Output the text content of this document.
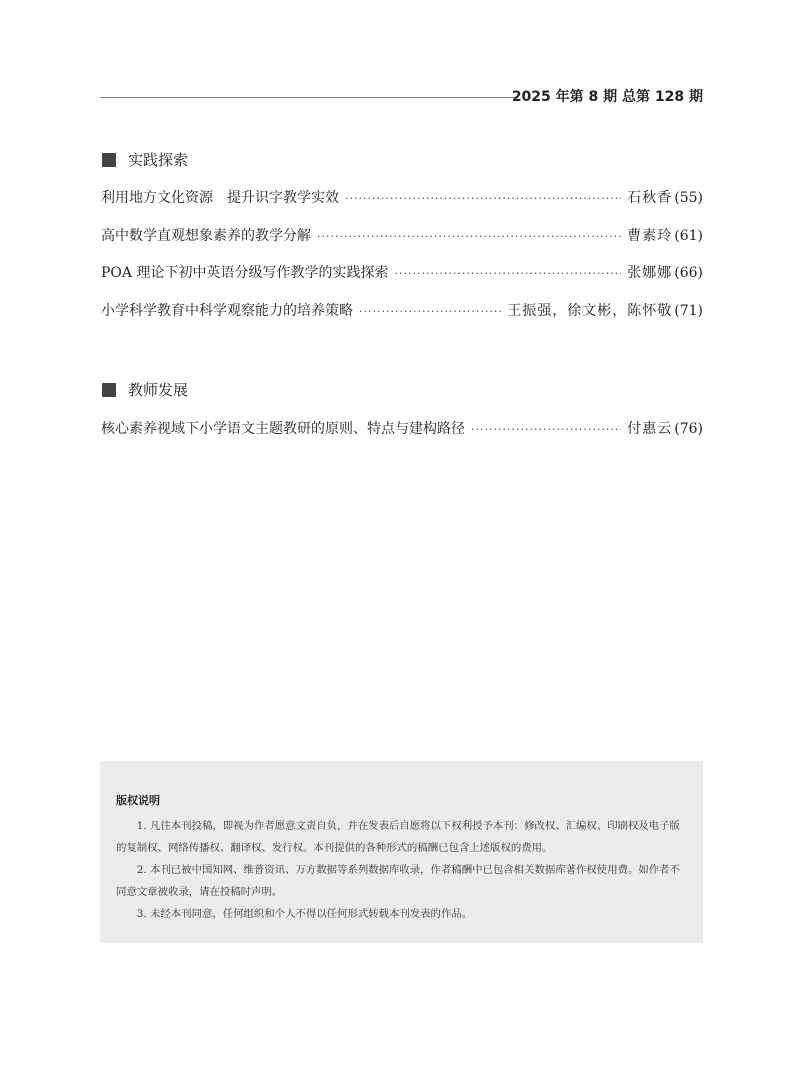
2025 年第 8 期 总第 128 期
实践探索
利用地方文化资源　提升识字教学实效 ·····	石秋香 (55)
高中数学直观想象素养的教学分解 ·····	曹素玲 (61)
POA 理论下初中英语分级写作教学的实践探索 ·····	张娜娜 (66)
小学科学教育中科学观察能力的培养策略 ·····	王振强，徐文彬，陈怀敬 (71)
教师发展
核心素养视域下小学语文主题教研的原则、特点与建构路径 ·····	付惠云 (76)
版权说明

1. 凡往本刊投稿，即视为作者愿意文责自负，并在发表后自愿将以下权利授予本刊：修改权、汇编权、印刷权及电子版的复制权、网络传播权、翻译权、发行权。本刊提供的各种形式的稿酬已包含上述版权的费用。

2. 本刊已被中国知网、维普资讯、万方数据等系列数据库收录，作者稿酬中已包含相关数据库著作权使用费。如作者不同意文章被收录，请在投稿时声明。

3. 未经本刊同意，任何组织和个人不得以任何形式转载本刊发表的作品。
